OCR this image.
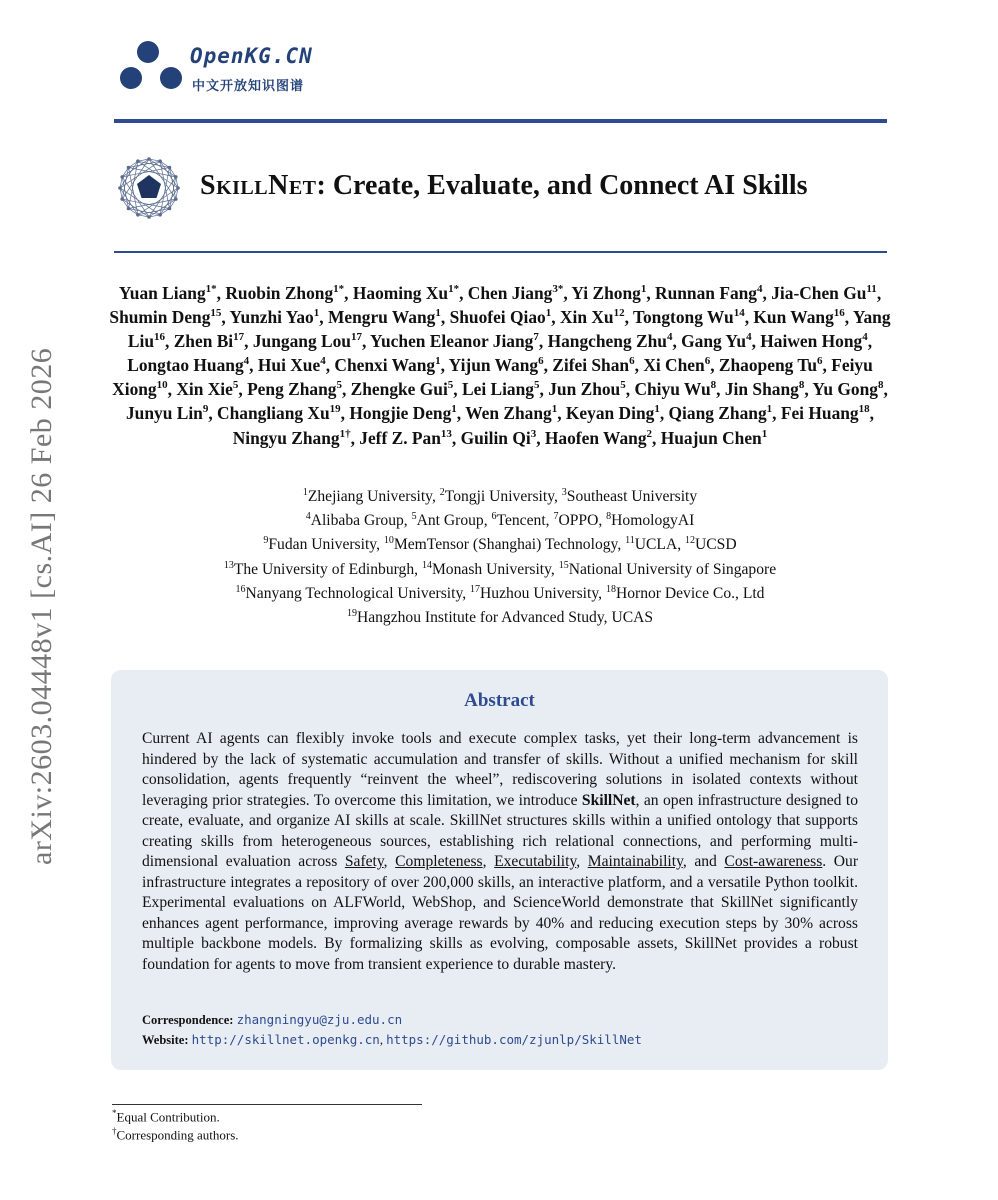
OpenKG.CN
中文开放知识图谱
SkillNet: Create, Evaluate, and Connect AI Skills
arXiv:2603.04448v1 [cs.AI] 26 Feb 2026
Yuan Liang$^{1*}$, Ruobin Zhong$^{1*}$, Haoming $Xu^{1*}$, Chen Jiang$^{3*}$, Yi Zhong$^1$, Runnan Fang$^4$, Jia-Chen Gu$^{11}$, Shumin Deng$^{15}$, Yunzhi Yao$^1$, Mengru Wang$^1$, Shuofei Qiao$^1$, Xin Xu$^{12}$, Tongtong Wu$^{14}$, Kun Wang$^{16}$, Yang Liu$^{16}$, Zhen Bi$^{17}$, Jungang Lou$^{17}$, Yuchen Eleanor Jiang$^7$, Hangcheng Zhu$^4$, Gang Yu$^4$, Haiwen Hong$^4$, Longtao Huang$^4$, Hui Xue$^4$, Chenxi Wang$^1$, Yijun Wang$^6$, Zifei Shan$^6$, Xi Chen$^6$, Zhaopeng Tu$^6$, Feiyu Xiong$^{10}$, Xin Xie$^5$, Peng Zhang$^5$, Zhengke Gui$^5$, Lei Liang$^5$, Jun Zhou$^5$, Chiyu Wu$^8$, Jin Shang$^8$, Yu Gong$^8$, Junyu Lin$^9$, Changliang Xu$^{19}$, Hongjie Deng$^1$, Wen Zhang$^1$, Keyan Ding$^1$, Qiang Zhang$^1$, Fei Huang$^{18}$, Ningyu Zhang$^{1\dagger}$, Jeff Z. Pan$^{13}$, Guilin Qi$^3$, Haofen Wang$^2$, Huajun Chen$^1$
$^1$Zhejiang University, $^2$Tongji University, $^3$Southeast University
$^4$Alibaba Group, $^5$Ant Group, $^6$Tencent, $^7$OPPO, $^8$HomologyAI
$^9$Fudan University, $^{10}$MemTensor (Shanghai) Technology, $^{11}$UCLA, $^{12}$UCSD
$^{13}$The University of Edinburgh, $^{14}$Monash University, $^{15}$National University of Singapore
$^{16}$Nanyang Technological University, $^{17}$Huzhou University, $^{18}$Hornor Device Co., Ltd
$^{19}$Hangzhou Institute for Advanced Study, UCAS
Abstract
Current AI agents can flexibly invoke tools and execute complex tasks, yet their long-term advancement is hindered by the lack of systematic accumulation and transfer of skills. Without a unified mechanism for skill consolidation, agents frequently “reinvent the wheel”, rediscovering solutions in isolated contexts without leveraging prior strategies. To overcome this limitation, we introduce SkillNet, an open infrastructure designed to create, evaluate, and organize AI skills at scale. SkillNet structures skills within a unified ontology that supports creating skills from heterogeneous sources, establishing rich relational connections, and performing multi-dimensional evaluation across Safety, Completeness, Executability, Maintainability, and Cost-awareness. Our infrastructure integrates a repository of over 200,000 skills, an interactive platform, and a versatile Python toolkit. Experimental evaluations on ALFWorld, WebShop, and ScienceWorld demonstrate that SkillNet significantly enhances agent performance, improving average rewards by 40% and reducing execution steps by 30% across multiple backbone models. By formalizing skills as evolving, composable assets, SkillNet provides a robust foundation for agents to move from transient experience to durable mastery.
Correspondence: zhangningyu@zju.edu.cn
Website: http://skillnet.openkg.cn, https://github.com/zjunlp/SkillNet
*Equal Contribution.
†Corresponding authors.
